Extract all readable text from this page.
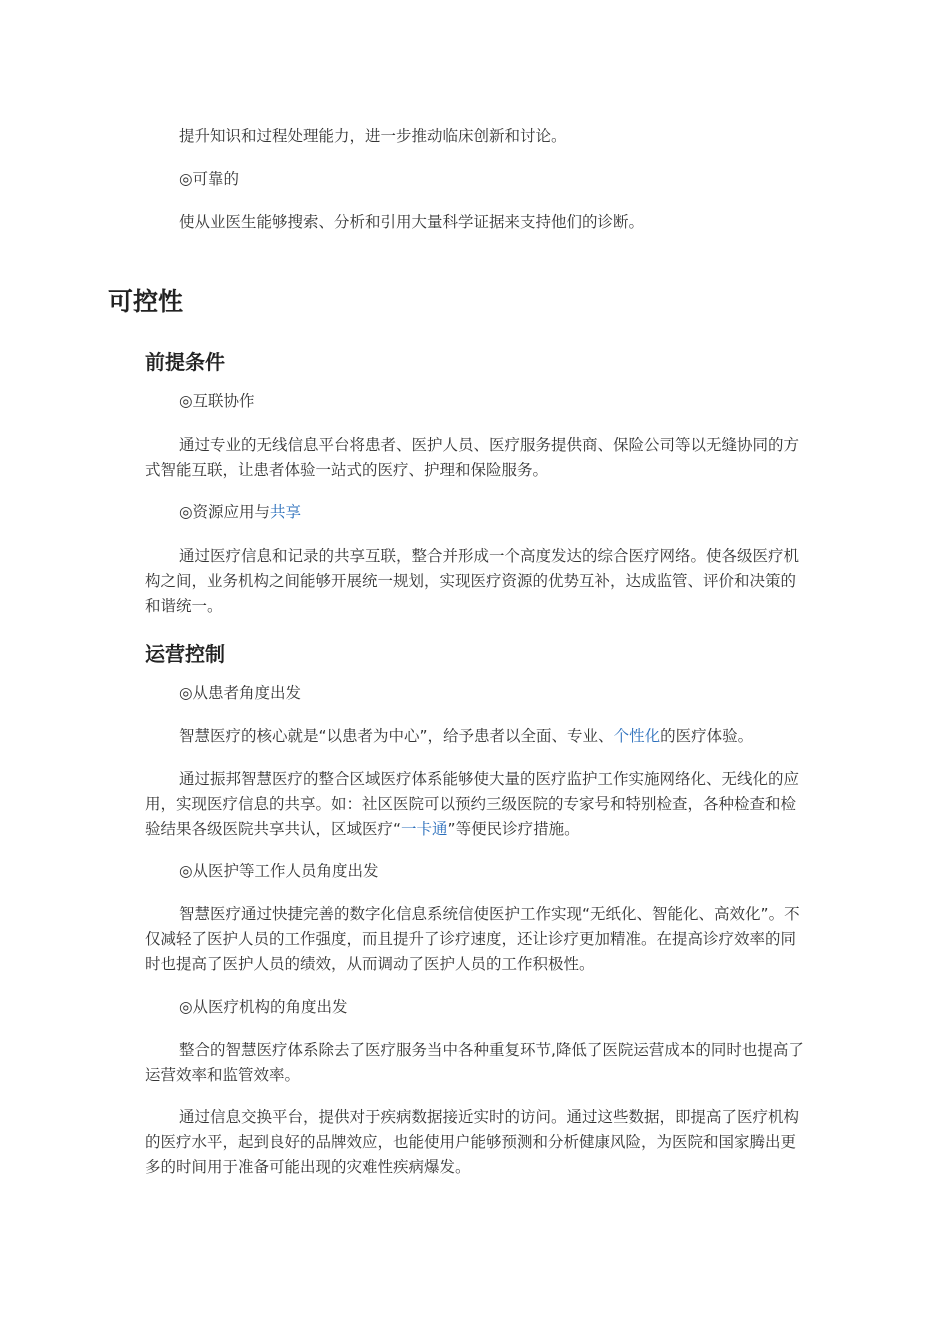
提升知识和过程处理能力，进一步推动临床创新和讨论。

◎可靠的

使从业医生能够搜索、分析和引用大量科学证据来支持他们的诊断。

可控性
前提条件

◎互联协作

通过专业的无线信息平台将患者、医护人员、医疗服务提供商、保险公司等以无缝协同的方式智能互联，让患者体验一站式的医疗、护理和保险服务。

◎资源应用与共享

通过医疗信息和记录的共享互联，整合并形成一个高度发达的综合医疗网络。使各级医疗机构之间，业务机构之间能够开展统一规划，实现医疗资源的优势互补，达成监管、评价和决策的和谐统一。

运营控制

◎从患者角度出发

智慧医疗的核心就是“以患者为中心”，给予患者以全面、专业、个性化的医疗体验。

通过振邦智慧医疗的整合区域医疗体系能够使大量的医疗监护工作实施网络化、无线化的应用，实现医疗信息的共享。如：社区医院可以预约三级医院的专家号和特别检查，各种检查和检验结果各级医院共享共认，区域医疗“一卡通”等便民诊疗措施。

◎从医护等工作人员角度出发

智慧医疗通过快捷完善的数字化信息系统信使医护工作实现“无纸化、智能化、高效化”。不仅减轻了医护人员的工作强度，而且提升了诊疗速度，还让诊疗更加精准。在提高诊疗效率的同时也提高了医护人员的绩效，从而调动了医护人员的工作积极性。

◎从医疗机构的角度出发

整合的智慧医疗体系除去了医疗服务当中各种重复环节,降低了医院运营成本的同时也提高了运营效率和监管效率。

通过信息交换平台，提供对于疾病数据接近实时的访问。通过这些数据，即提高了医疗机构的医疗水平，起到良好的品牌效应，也能使用户能够预测和分析健康风险，为医院和国家腾出更多的时间用于准备可能出现的灾难性疾病爆发。
